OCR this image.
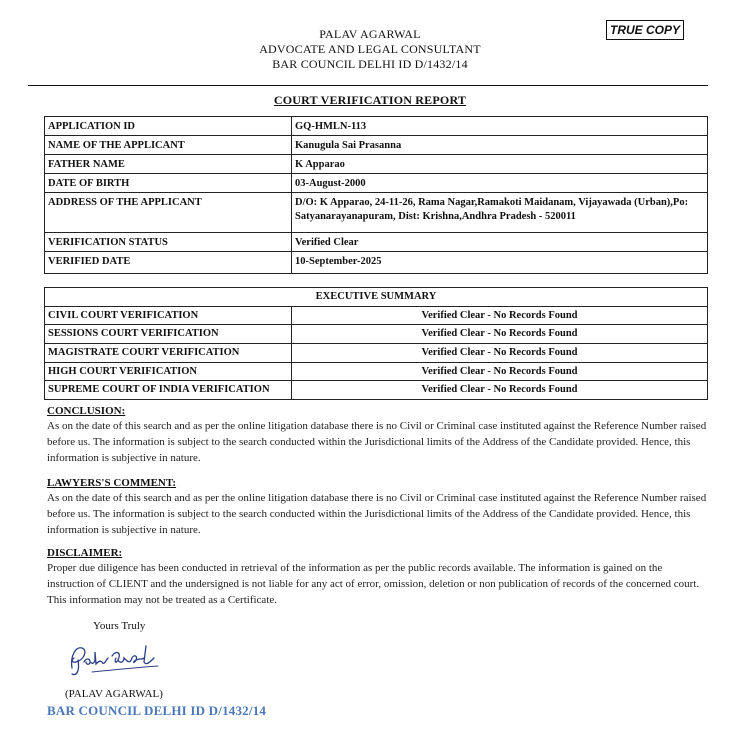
PALAV AGARWAL
ADVOCATE AND LEGAL CONSULTANT
BAR COUNCIL DELHI ID D/1432/14
TRUE COPY
COURT VERIFICATION REPORT
APPLICATION ID	GQ-HMLN-113
NAME OF THE APPLICANT	Kanugula Sai Prasanna
FATHER NAME	K Apparao
DATE OF BIRTH	03-August-2000
ADDRESS OF THE APPLICANT	D/O: K Apparao, 24-11-26, Rama Nagar,Ramakoti Maidanam, Vijayawada (Urban),Po: Satyanarayanapuram, Dist: Krishna,Andhra Pradesh - 520011
VERIFICATION STATUS	Verified Clear
VERIFIED DATE	10-September-2025
EXECUTIVE SUMMARY	
CIVIL COURT VERIFICATION	Verified Clear - No Records Found
SESSIONS COURT VERIFICATION	Verified Clear - No Records Found
MAGISTRATE COURT VERIFICATION	Verified Clear - No Records Found
HIGH COURT VERIFICATION	Verified Clear - No Records Found
SUPREME COURT OF INDIA VERIFICATION	Verified Clear - No Records Found
CONCLUSION:
As on the date of this search and as per the online litigation database there is no Civil or Criminal case instituted against the Reference Number raised before us. The information is subject to the search conducted within the Jurisdictional limits of the Address of the Candidate provided. Hence, this information is subjective in nature.
LAWYERS'S COMMENT:
As on the date of this search and as per the online litigation database there is no Civil or Criminal case instituted against the Reference Number raised before us. The information is subject to the search conducted within the Jurisdictional limits of the Address of the Candidate provided. Hence, this information is subjective in nature.
DISCLAIMER:
Proper due diligence has been conducted in retrieval of the information as per the public records available. The information is gained on the instruction of CLIENT and the undersigned is not liable for any act of error, omission, deletion or non publication of records of the concerned court. This information may not be treated as a Certificate.
Yours Truly
(PALAV AGARWAL)
BAR COUNCIL DELHI ID D/1432/14
